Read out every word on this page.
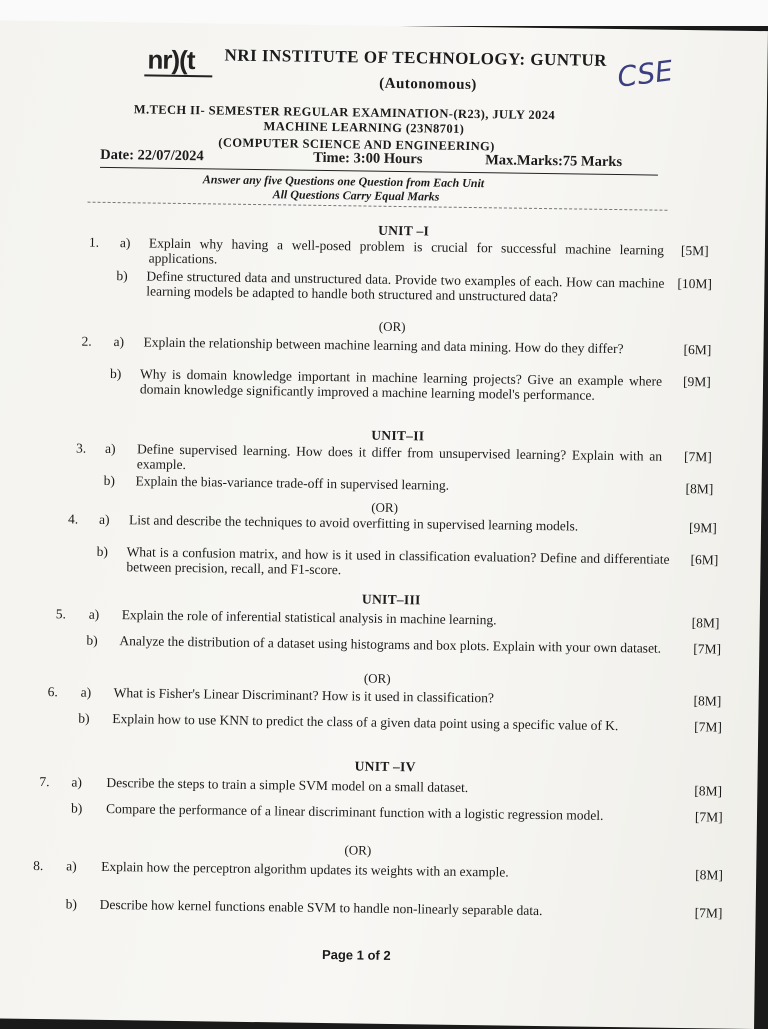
nr)(t NRI INSTITUTE OF TECHNOLOGY: GUNTUR
(Autonomous)	CSE
M.TECH II- SEMESTER REGULAR EXAMINATION-(R23), JULY 2024
MACHINE LEARNING (23N8701)
(COMPUTER SCIENCE AND ENGINEERING)
Date: 22/07/2024	Time: 3:00 Hours	Max.Marks:75 Marks
Answer any five Questions one Question from Each Unit
All Questions Carry Equal Marks
UNIT –I
1. a) Explain why having a well-posed problem is crucial for successful machine learning applications.	[5M]
b) Define structured data and unstructured data. Provide two examples of each. How can machine learning models be adapted to handle both structured and unstructured data?	[10M]
(OR)
2. a) Explain the relationship between machine learning and data mining. How do they differ?	[6M]
b) Why is domain knowledge important in machine learning projects? Give an example where domain knowledge significantly improved a machine learning model's performance.	[9M]
UNIT–II
3. a) Define supervised learning. How does it differ from unsupervised learning? Explain with an example.	[7M]
b) Explain the bias-variance trade-off in supervised learning.	[8M]
(OR)
4. a) List and describe the techniques to avoid overfitting in supervised learning models.	[9M]
b) What is a confusion matrix, and how is it used in classification evaluation? Define and differentiate between precision, recall, and F1-score.	[6M]
UNIT–III
5. a) Explain the role of inferential statistical analysis in machine learning.	[8M]
b) Analyze the distribution of a dataset using histograms and box plots. Explain with your own dataset.	[7M]
(OR)
6. a) What is Fisher's Linear Discriminant? How is it used in classification?	[8M]
b) Explain how to use KNN to predict the class of a given data point using a specific value of K.	[7M]
UNIT –IV
7. a) Describe the steps to train a simple SVM model on a small dataset.	[8M]
b) Compare the performance of a linear discriminant function with a logistic regression model.	[7M]
(OR)
8. a) Explain how the perceptron algorithm updates its weights with an example.	[8M]
b) Describe how kernel functions enable SVM to handle non-linearly separable data.	[7M]
Page 1 of 2
